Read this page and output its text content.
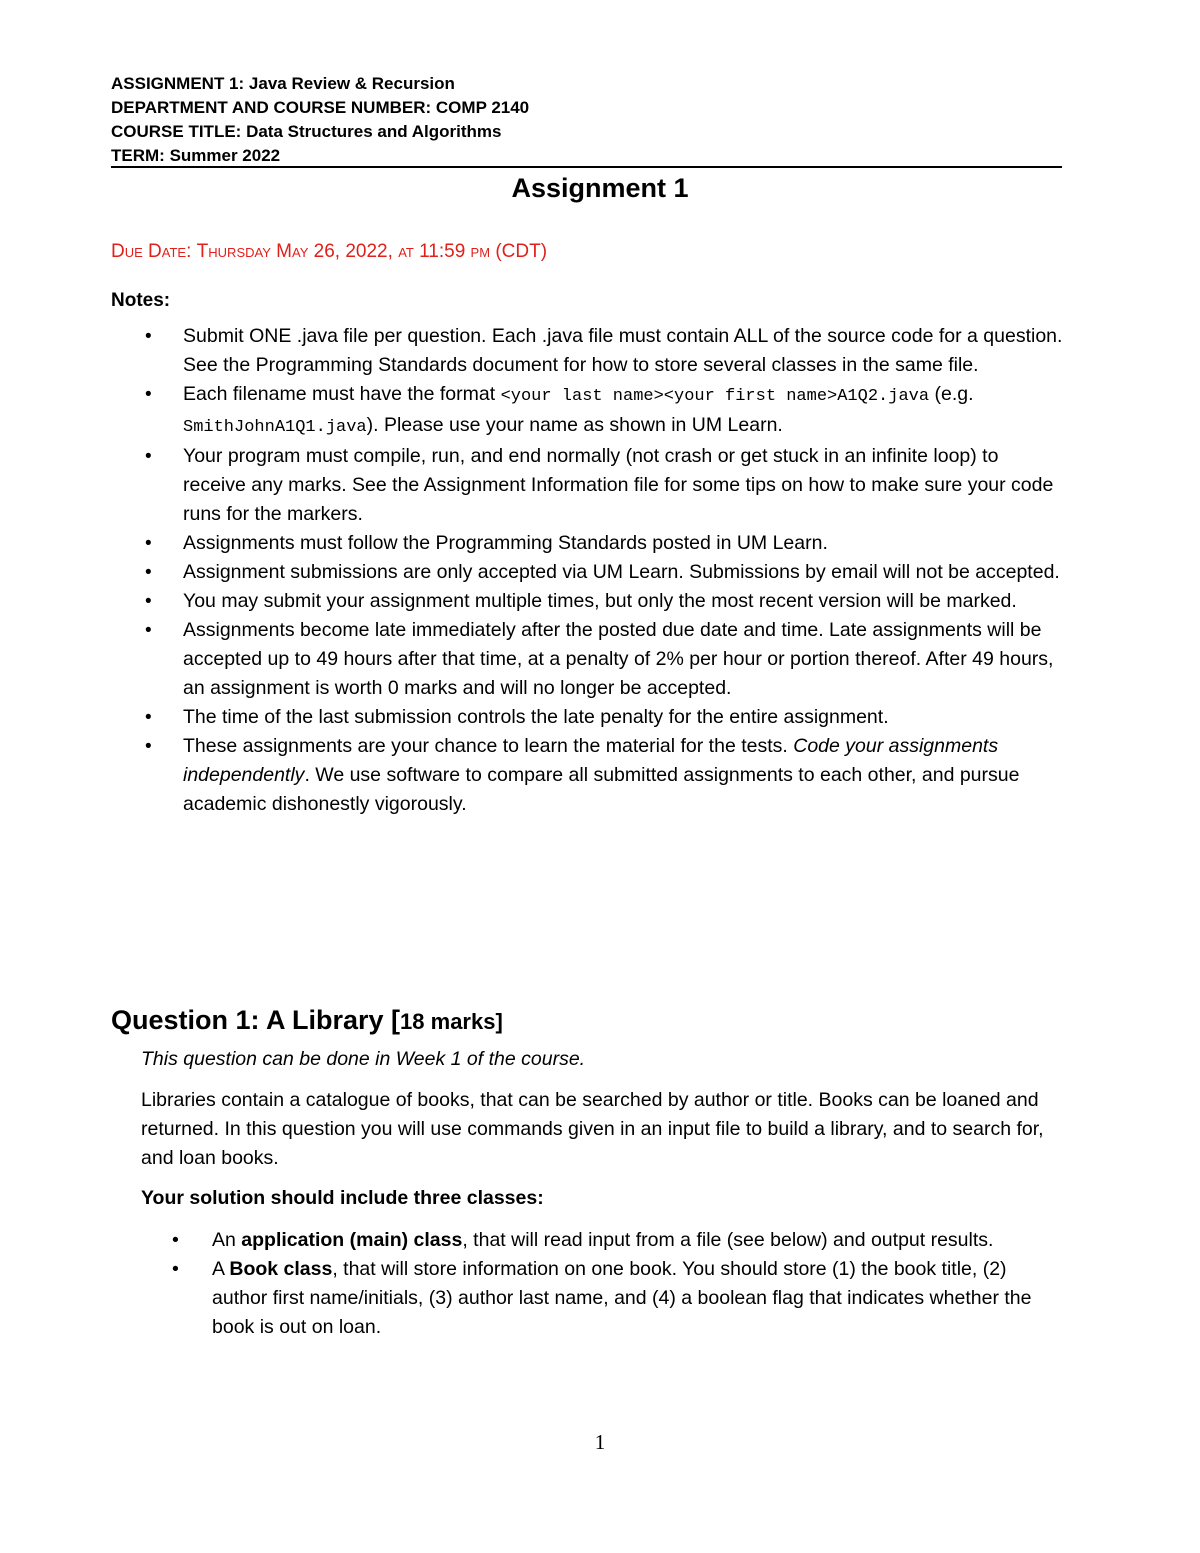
ASSIGNMENT 1: Java Review & Recursion
DEPARTMENT AND COURSE NUMBER: COMP 2140
COURSE TITLE: Data Structures and Algorithms
TERM: Summer 2022
Assignment 1
Due Date: Thursday May 26, 2022, at 11:59 pm (CDT)
Notes:
• Submit ONE .java file per question. Each .java file must contain ALL of the source code for a question. See the Programming Standards document for how to store several classes in the same file.
• Each filename must have the format <your last name><your first name>A1Q2.java (e.g. SmithJohnA1Q1.java). Please use your name as shown in UM Learn.
• Your program must compile, run, and end normally (not crash or get stuck in an infinite loop) to receive any marks. See the Assignment Information file for some tips on how to make sure your code runs for the markers.
• Assignments must follow the Programming Standards posted in UM Learn.
• Assignment submissions are only accepted via UM Learn. Submissions by email will not be accepted.
• You may submit your assignment multiple times, but only the most recent version will be marked.
• Assignments become late immediately after the posted due date and time. Late assignments will be accepted up to 49 hours after that time, at a penalty of 2% per hour or portion thereof. After 49 hours, an assignment is worth 0 marks and will no longer be accepted.
• The time of the last submission controls the late penalty for the entire assignment.
• These assignments are your chance to learn the material for the tests. Code your assignments independently. We use software to compare all submitted assignments to each other, and pursue academic dishonestly vigorously.
Question 1: A Library [18 marks]
This question can be done in Week 1 of the course.
Libraries contain a catalogue of books, that can be searched by author or title. Books can be loaned and returned. In this question you will use commands given in an input file to build a library, and to search for, and loan books.
Your solution should include three classes:
• An application (main) class, that will read input from a file (see below) and output results.
• A Book class, that will store information on one book. You should store (1) the book title, (2) author first name/initials, (3) author last name, and (4) a boolean flag that indicates whether the book is out on loan.
1
